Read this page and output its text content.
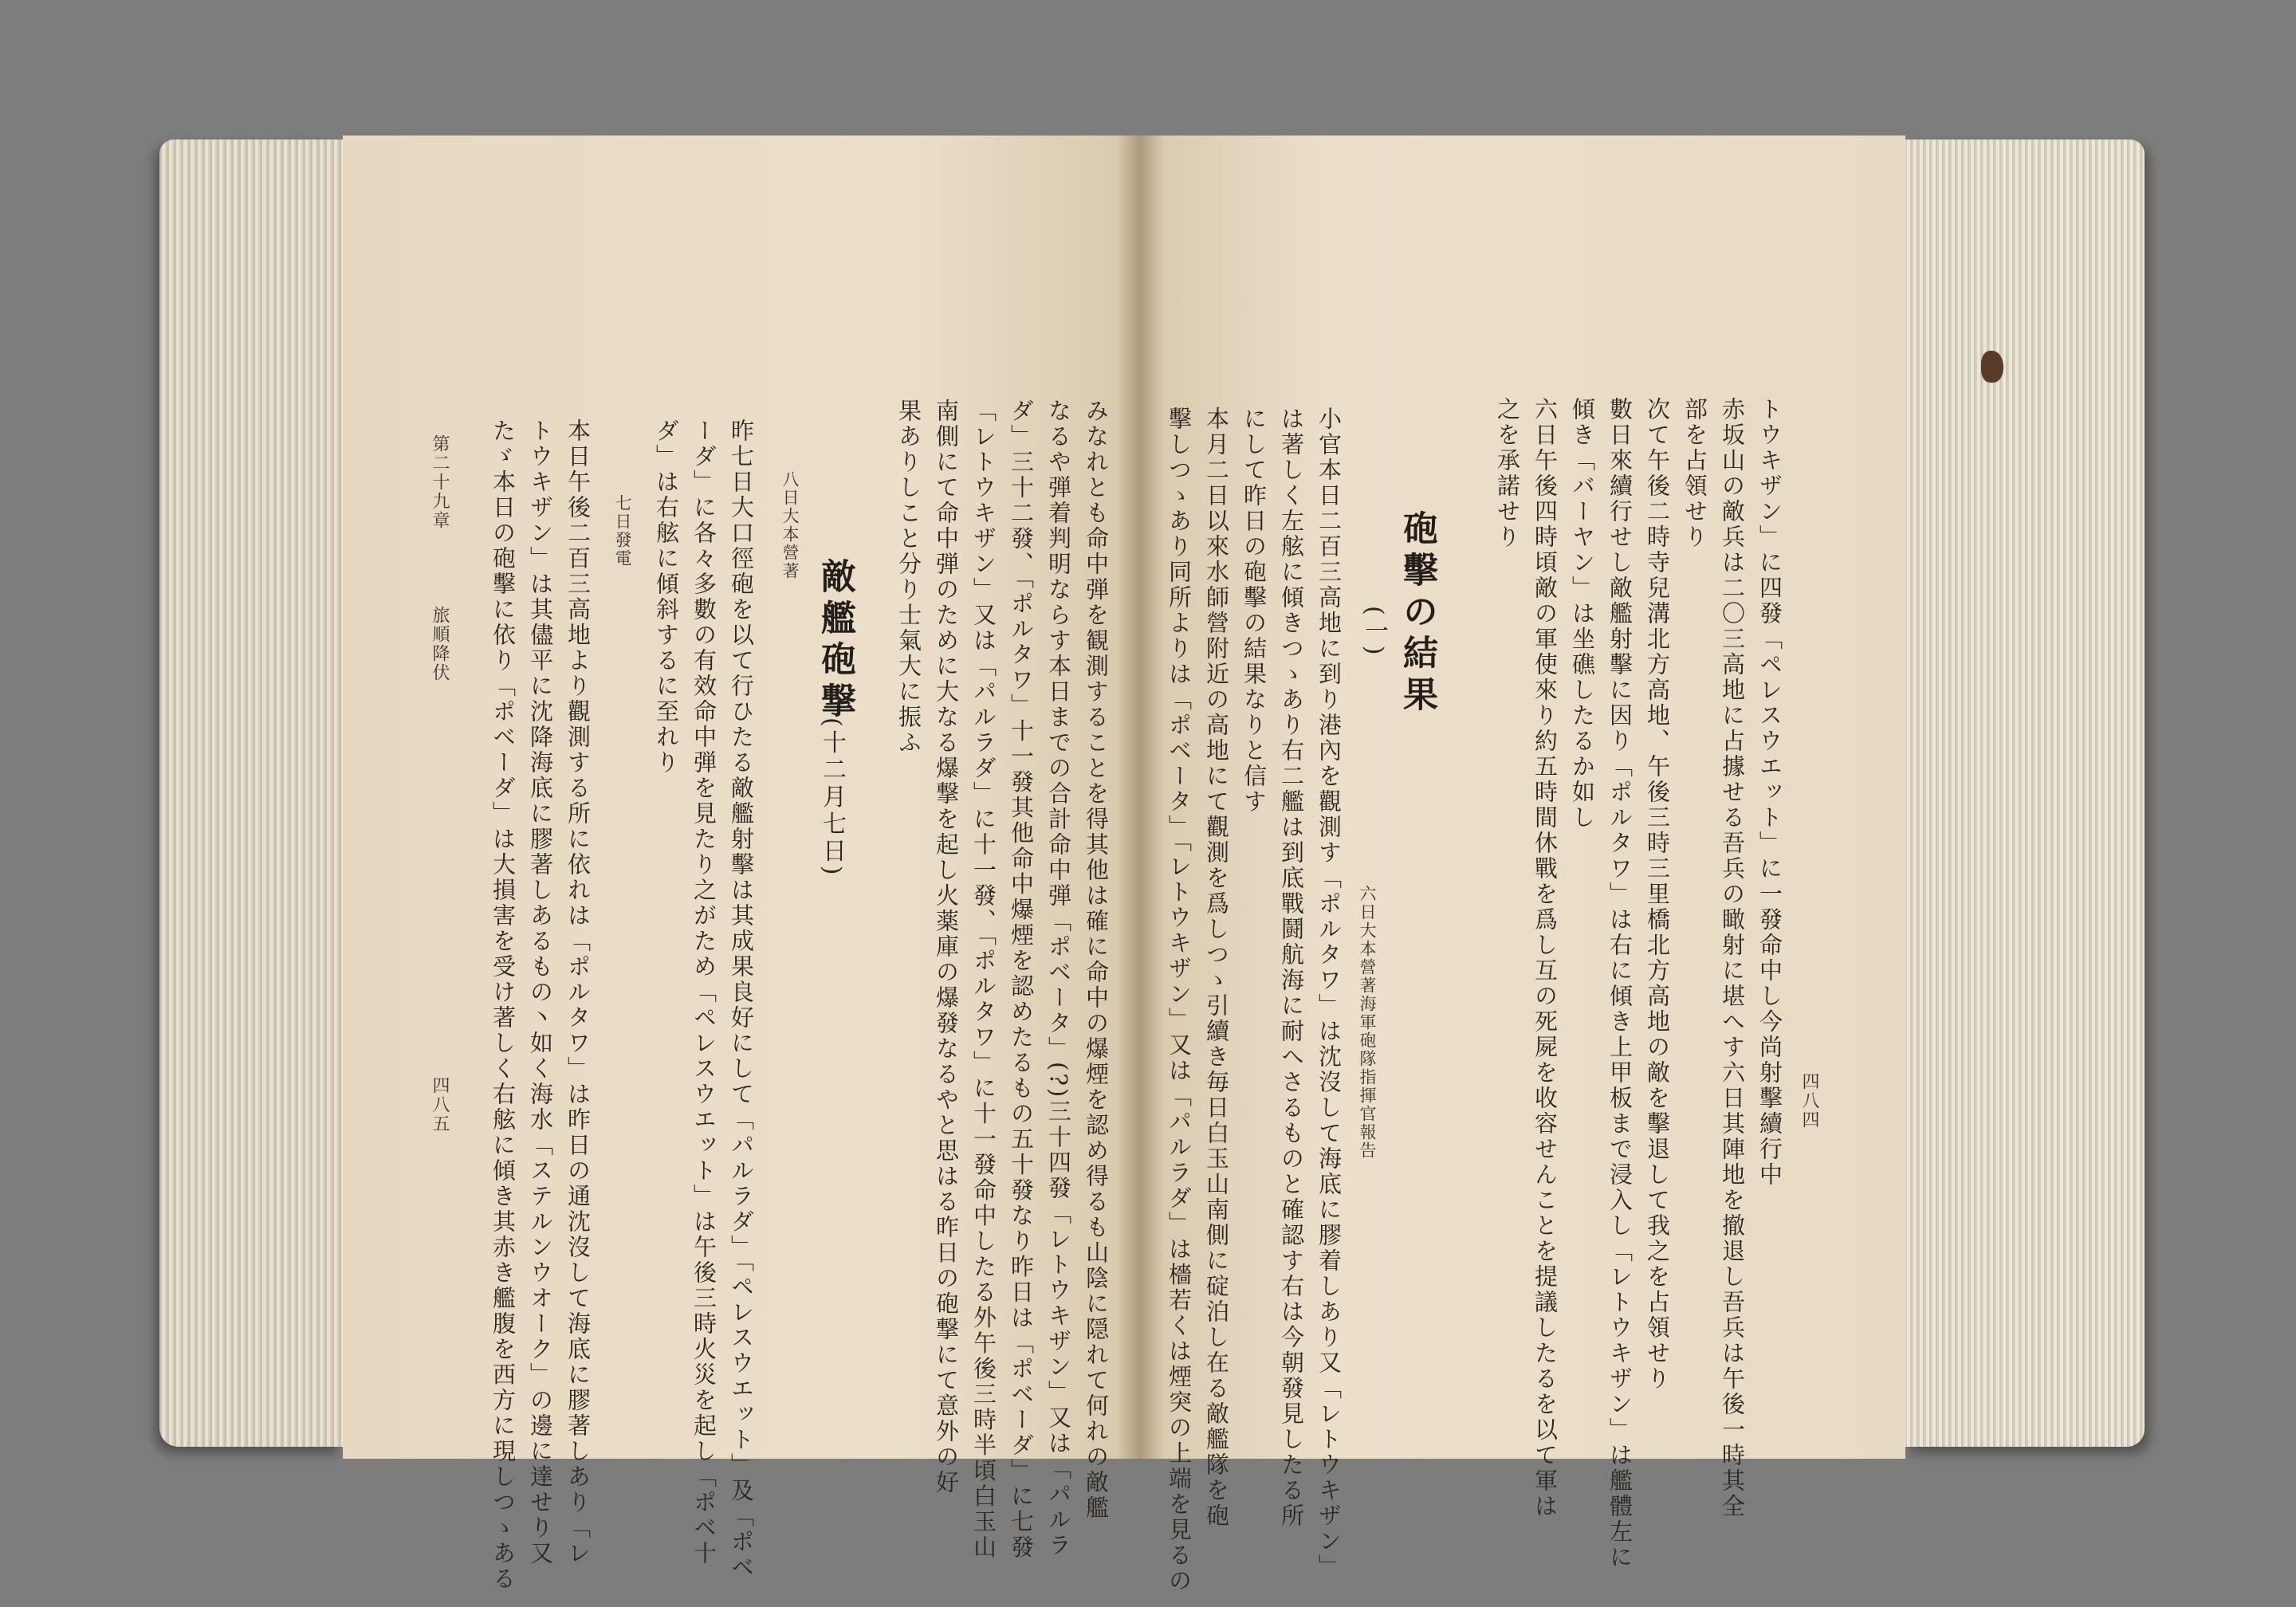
四八四
トウキザン」に四發「ペレスウエット」に一發命中し今尚射擊續行中
赤坂山の敵兵は二〇三高地に占據せる吾兵の瞰射に堪へす六日其陣地を撤退し吾兵は午後一時其全
部を占領せり
次て午後二時寺兒溝北方高地、午後三時三里橋北方高地の敵を擊退して我之を占領せり
數日來續行せし敵艦射擊に因り「ポルタワ」は右に傾き上甲板まで浸入し「レトウキザン」は艦體左に
傾き「バーヤン」は坐礁したるか如し
六日午後四時頃敵の軍使來り約五時間休戰を爲し互の死屍を收容せんことを提議したるを以て軍は
之を承諾せり
砲擊の結果
(一)
六日大本營著海軍砲隊指揮官報告
小官本日二百三高地に到り港內を觀測す「ポルタワ」は沈沒して海底に膠着しあり又「レトウキザン」
は著しく左舷に傾きつゝあり右二艦は到底戰鬪航海に耐へさるものと確認す右は今朝發見したる所
にして昨日の砲擊の結果なりと信す
本月二日以來水師營附近の高地にて觀測を爲しつゝ引續き毎日白玉山南側に碇泊し在る敵艦隊を砲
擊しつゝあり同所よりは「ポベータ」「レトウキザン」又は「パルラダ」は檣若くは煙突の上端を見るの
みなれとも命中弾を観測することを得其他は確に命中の爆煙を認め得るも山陰に隠れて何れの敵艦
なるや弾着判明ならす本日までの合計命中弾「ポベータ」(?)三十四發「レトウキザン」又は「パルラ
ダ」三十二發、「ポルタワ」十一發其他命中爆煙を認めたるもの五十發なり昨日は「ポベーダ」に七發
「レトウキザン」又は「パルラダ」に十一發、「ポルタワ」に十一發命中したる外午後三時半頃白玉山
南側にて命中弾のために大なる爆撃を起し火薬庫の爆發なるやと思はる昨日の砲撃にて意外の好
果ありしこと分り士氣大に振ふ
敵艦砲撃
(十二月七日)
八日大本營著
昨七日大口徑砲を以て行ひたる敵艦射擊は其成果良好にして「パルラダ」「ペレスウエット」及「ポベ
ーダ」に各々多數の有效命中弾を見たり之がため「ペレスウエット」は午後三時火災を起し「ポベ十
ダ」は右舷に傾斜するに至れり
七日發電
本日午後二百三高地より觀測する所に依れは「ポルタワ」は昨日の通沈沒して海底に膠著しあり「レ
トウキザン」は其儘平に沈降海底に膠著しあるもの丶如く海水「ステルンウオーク」の邊に達せり又
たゞ本日の砲擊に依り「ポベーダ」は大損害を受け著しく右舷に傾き其赤き艦腹を西方に現しつゝある
第二十九章
旅順降伏
四八五
